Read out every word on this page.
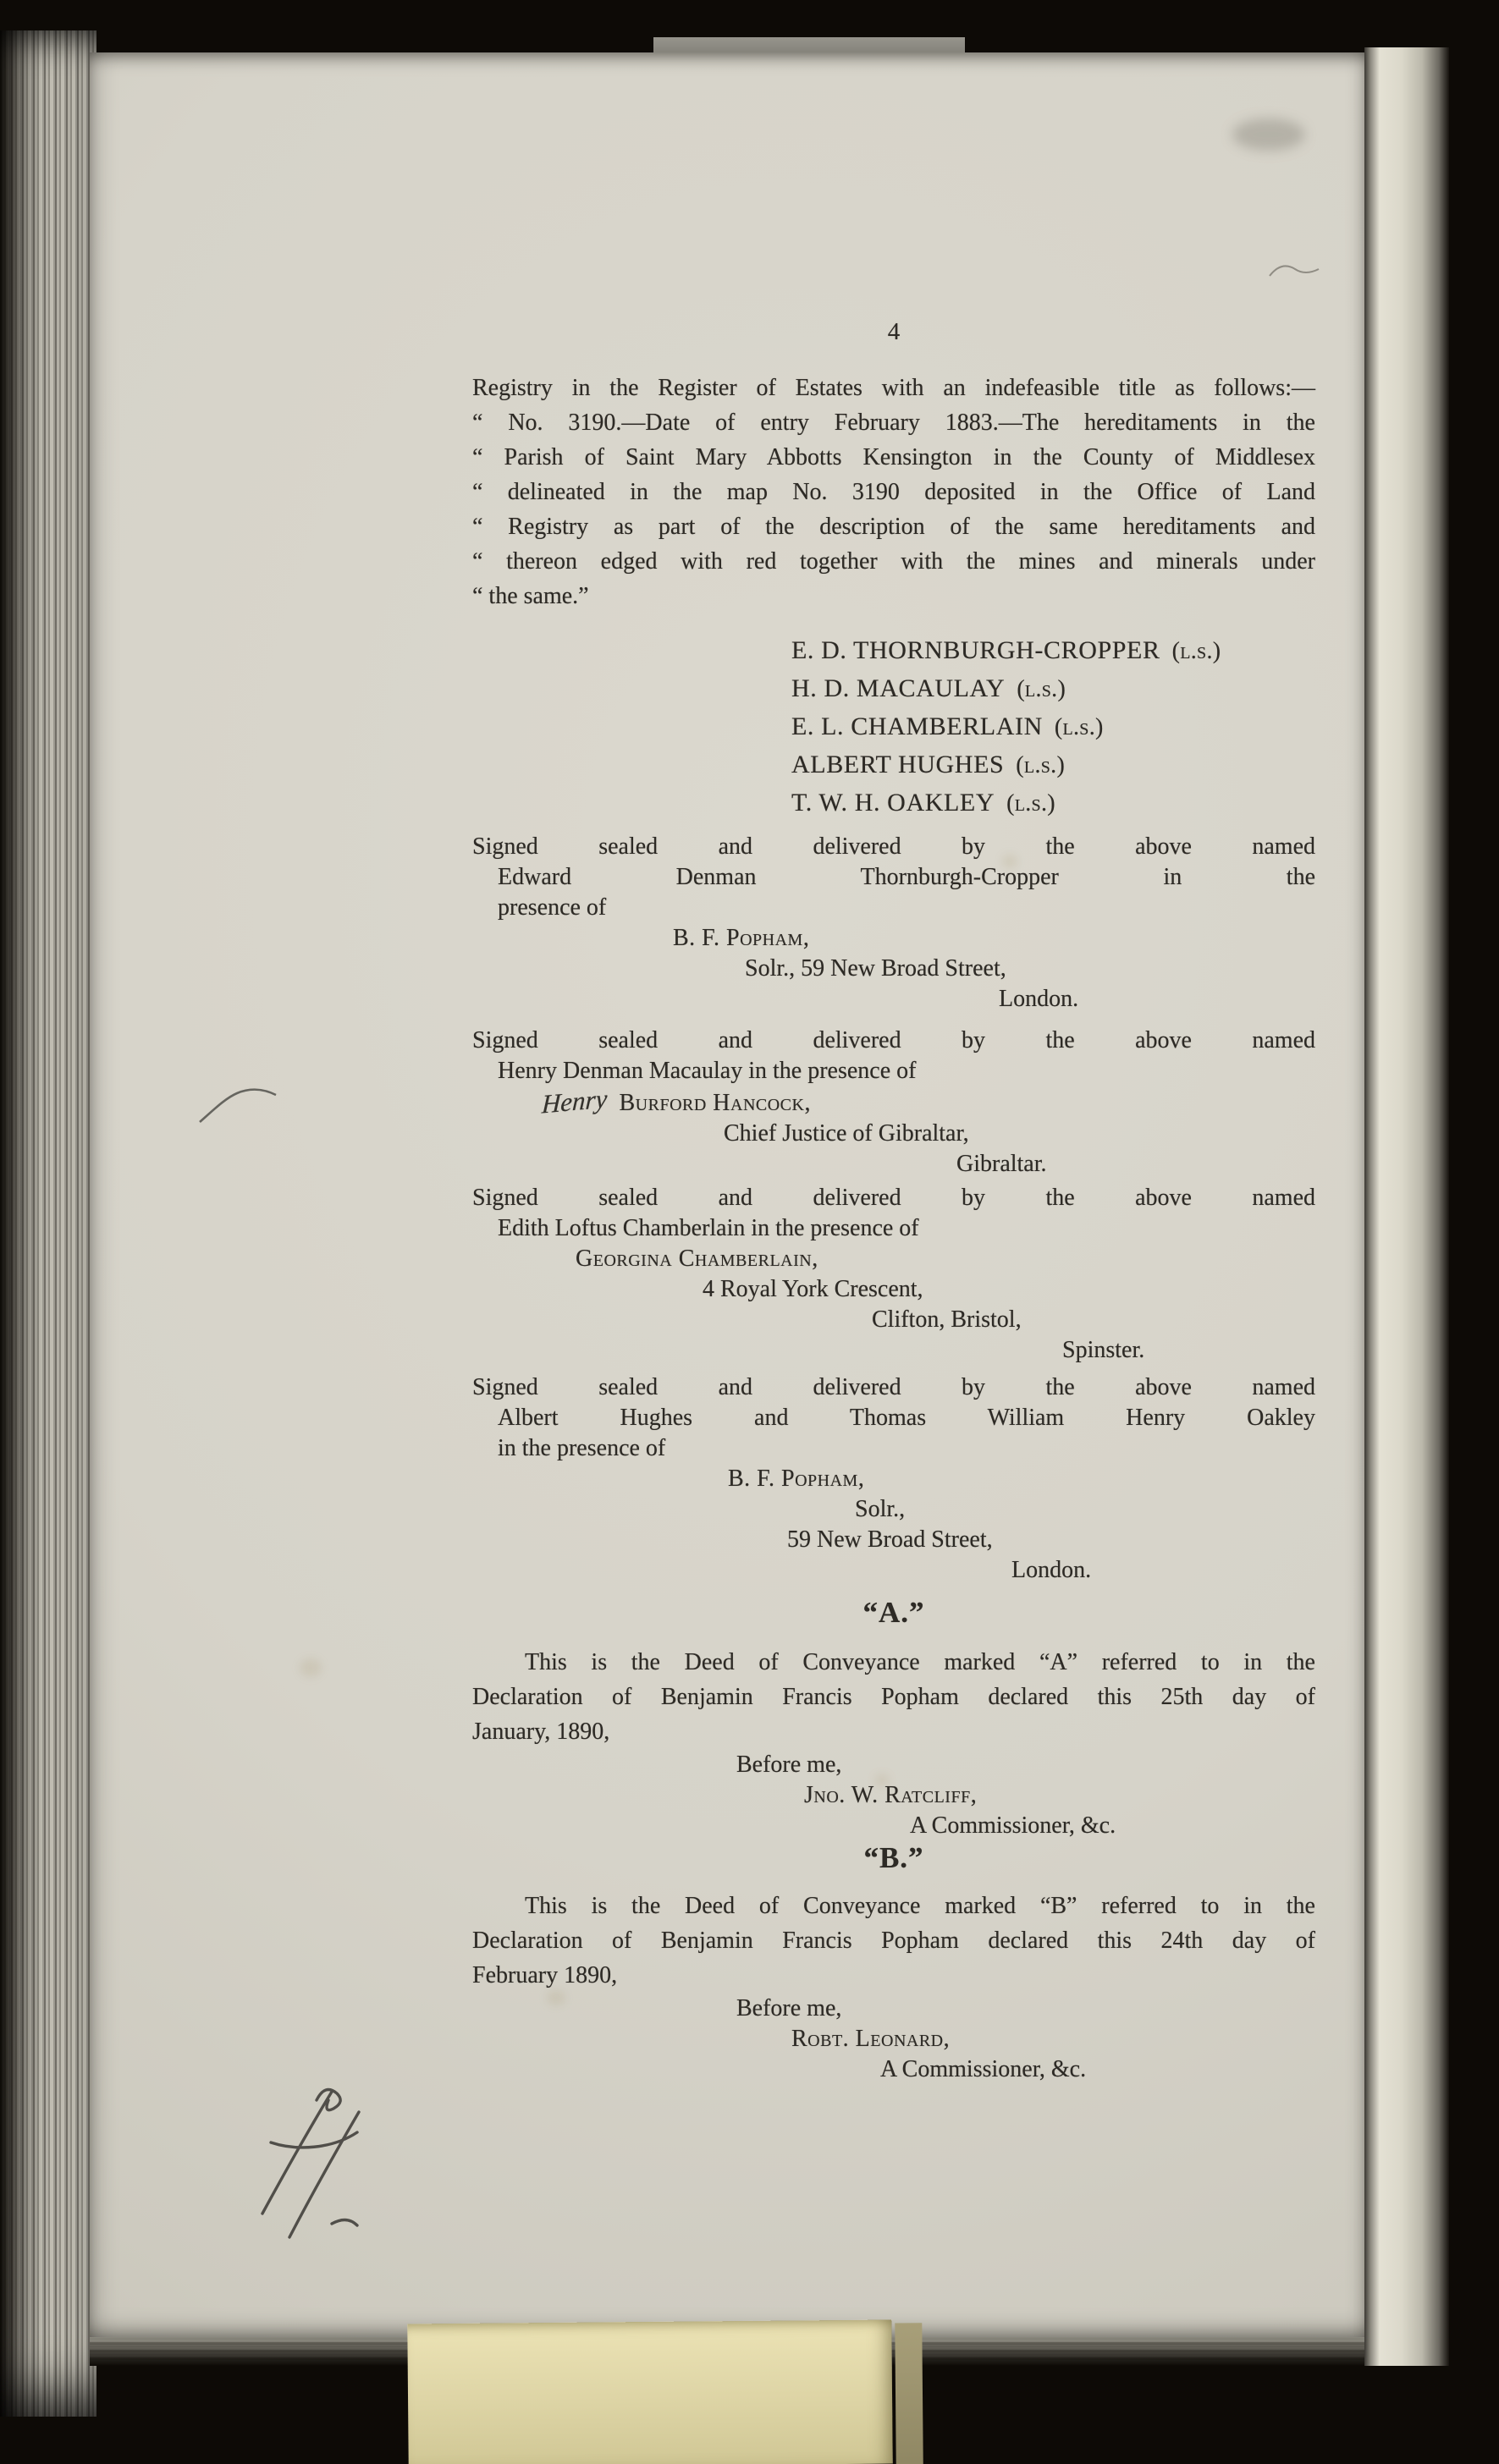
4
Registry in the Register of Estates with an indefeasible title as follows:—
“ No. 3190.—Date of entry February 1883.—The hereditaments in the
“ Parish of Saint Mary Abbotts Kensington in the County of Middlesex
“ delineated in the map No. 3190 deposited in the Office of Land
“ Registry as part of the description of the same hereditaments and
“ thereon edged with red together with the mines and minerals under
“ the same.”
E. D. THORNBURGH-CROPPER (l.s.)
H. D. MACAULAY (l.s.)
E. L. CHAMBERLAIN (l.s.)
ALBERT HUGHES (l.s.)
T. W. H. OAKLEY (l.s.)
Signed sealed and delivered by the above named
Edward Denman Thornburgh-Cropper in the
presence of
B. F. Popham,
Solr., 59 New Broad Street,
London.
Signed sealed and delivered by the above named
Henry Denman Macaulay in the presence of
Henry Burford Hancock,
Chief Justice of Gibraltar,
Gibraltar.
Signed sealed and delivered by the above named
Edith Loftus Chamberlain in the presence of
Georgina Chamberlain,
4 Royal York Crescent,
Clifton, Bristol,
Spinster.
Signed sealed and delivered by the above named
Albert Hughes and Thomas William Henry Oakley
in the presence of
B. F. Popham,
Solr.,
59 New Broad Street,
London.
“A.”
This is the Deed of Conveyance marked “A” referred to in the
Declaration of Benjamin Francis Popham declared this 25th day of
January, 1890,
Before me,
Jno. W. Ratcliff,
A Commissioner, &c.
“B.”
This is the Deed of Conveyance marked “B” referred to in the
Declaration of Benjamin Francis Popham declared this 24th day of
February 1890,
Before me,
Robt. Leonard,
A Commissioner, &c.
